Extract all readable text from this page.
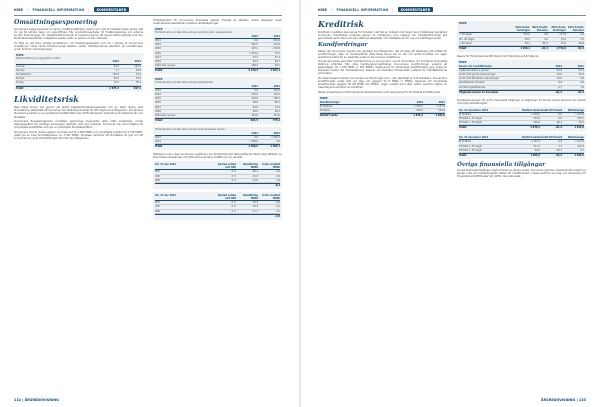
NIBE | FINANSIELL INFORMATION |	KOMMENTARER
Omsättningsexponering

Koncernens bolag genererar en del av omsättningsflödet i valutor som inte är bolagets lokala valuta. Det rör sig till största delen om exportflöden från produktionsenheter till försäljningsbolag och externa kunder. Exponeringen för valutakursförändringar är hanterad genom att kurser säkras löpande mot den förväntade kassaflödet i respektive valuta under en period om tolv månader.

Till följd av det stora antalet produktions- och försäljningsenheter runt om i världen är koncernens omsättning i lokal valuta fördelad enligt tabellen nedan. Valutakursernas påverkan på omsättningen under året har varit begränsad.

MSEK
Nettoomsättning per geografisk område
2022	2021
Sverige	91,2	126,4
Norden	1,7	25,8
Nordamerika	718,9	79,5
Europa	82,9	35,5
Övriga	23,1	35,2
Totalt	2 075,3	617,1
Likviditetsrisk

New Wave Group har genom ett aktivt kapitalrationaliseringsarbete och en aktiv dialog med finansiärerna säkerställt att koncernen har tillräcklig likviditet för att fullgöra sina åtaganden. Koncernens finansiering består av en syndikerad kreditfacilitet med ett flertal banker samt ett antal bilaterala lån och faciliteter.

Koncernens finansieringsavtal innehåller sedvanliga kovenanter vilka mäts kvartalsvis. Under räkenskapsåret har samtliga kovenanter uppfyllts med god marginal. Koncernen har även tillgång till outnyttjade kreditlöften som ger en ytterligare likviditetsbuffert.

Koncernens likvida medel uppgick vid årets slut till 1 083 MSEK och outnyttjade krediter till 2 758 MSEK, vilket ger en total likviditetsreserv om 3 841 MSEK. Styrelsen bedömer att likviditeten är god och att koncernen har goda förutsättningar att möta sina åtaganden.

Förfallostruktur för koncernens finansiella skulder framgår av tabellen nedan. Beloppen avser odiskonterade kassaflöden inklusive räntebetalningar.

MSEK
Förfallostruktur per New Wave Groups upplåning (exkl. leasingskulder)
2022	2021
2023	0,0	264,9
2024	342,5	237,6
2025	187,1	1 155,8
2026	1 379,4	79,7
2027	67,3	67,3
2028	60,5	60,7
2029 eller senare	108,2	46,7
Totalt	2 170,3	1 927,1
MSEK
Förfallostruktur per New Wave Groups leasingskulder
2022	2021
2023	0,0	135,4
2024	135,3	104,7
2025	114,8	106,7
2026	99,9	85,1
2027	84,0	79,2
2028	66,0	40,1
2029 eller senare	326,4	151,6
Totalt	824,5	775,1
Förfallostruktur per New Wave Groups övriga finansiella skulder
2022	2021
2023	0,0	1 284,7
2024	1 288,9	0,0
Totalt	1 288,9	1 284,7

Tabellerna ovan visar koncernens upplåning per förfallotidpunkt. Nedanstående tabell visar effekten av förändrade valutakurser mot SEK på koncernens omsättning och resultat.

Per 31 dec 2022	Ändrad valuta mot SEK
Omsättning MSEK
Årets resultat MSEK
EUR	-5 %	-82,1	-9,4
USD	-5 %	-33,5	-3,0
NOK	-5 %	-12,8	-1,8
-8,2
Per 31 dec 2021	Ändrad valuta mot SEK
Omsättning MSEK
Årets resultat MSEK
EUR	-5 %	-76,3	-8,0
USD	-5 %	-29,3	-2,1
NOK	-5 %	-11,7	-1,5
-3,6
132 | ÅRSREDOVISNING
NIBE | FINANSIELL INFORMATION |	KOMMENTARER
Kreditrisk

Kreditrisk innefattar exponering för förluster i det fall en motpart inte fullgör sina förpliktelser gentemot koncernen. Kreditrisken hanteras genom en kreditpolicy som reglerar hur kreditbedömningar ska genomföras samt vilka krav som ställs på säkerheter och kreditgränser för nya och befintliga kunder.

Kundfordringar

Risken att koncernens kunder inte uppfyller sina åtaganden, det vill säga att betalning inte erhålls för kundfordringar, utgör en kundkreditrisk. New Wave Group har en stor och spridd kundbas och ingen enskild kund står för en väsentlig andel av koncernens omsättning.

Koncernens bolag genomför kreditprövning av sina kunder, varvid information om kundernas finansiella ställning inhämtas från olika kreditupplysningsföretag. Koncernens kundfordringar uppgick på balansdagen till 1 876 MSEK (1 695 MSEK). Reservering för förväntade kreditförluster görs enligt en förenklad metod där förlustreserven baseras på historiska förlustnivåer justerat för framåtblickande information.

Per balansdagen bedöms koncernens kundfordringar som i allt väsentligt är fullt betalbara. Koncernens kreditförluster under året var låga och uppgick till 8 MSEK (7 MSEK). Reserven för förväntade kreditförluster uppgick till 68 MSEK (52 MSEK). Ingen enskild kund eller sektor bedöms utgöra en väsentlig koncentration av kreditrisk.

Nedan presenteras kundfordringarnas åldersstruktur samt reservering för förväntade kreditförluster.

MSEK
Kundfordringar	2022	2021
Ej förfallna	1 238,1	1 127,4
Förfallna	638,1	567,6
Bokfört värde	1 876,2	1 695,0
MSEK
2022 Kund-fordringar
2022 Kredit-förluster
2021 Kund-fordringar
2021 Kredit-förluster
< 30 dagar	531,5	-0,8	517,6	-1,3
30 - 90 dagar	48,5	-3,0	34,4	-2,5
> 90 dagar	58,1	-56,7	15,6	-48,6
Totalt	1 938,1	-61,4	1 752,6	-52,4

Reserv för förväntade kreditförluster har förändrats enligt följande:

MSEK
Reserv för kreditförluster	2022	2021
Ingående balans 1 januari	-52,4	-51,1
Under året gjorda reserveringar	-24,0	-18,3
Under året återförda reserveringar	10,9	8,6
Konstaterade förluster	8,8	6,8
Omräkningsdifferenser	-4,7	1,6
Utgående balans 31 december	-61,4	-52,4

Kreditexponeringen för andra finansiella tillgångar är begränsad då likvida medel placeras hos banker med hög kreditvärdighet.

Per 31 december 2022	Bokfört värde Avsatt till förlust	Nettobelopp
Ej förfallet	1 238,1	-0,5	1 237,6
Förfallet 1–30 dagar	531,5	-0,8	530,7
Förfallet > 30 dagar	106,6	-60,1	46,5
Totalt	1 876,2	-61,4	1 814,8
Per 31 december 2021	Bokfört värde Avsatt till förlust	Nettobelopp
Ej förfallet	1 127,4	-0,4	1 127,0
Förfallet 1–30 dagar	517,6	-1,3	516,3
Förfallet > 30 dagar	50,0	-50,7	-0,7
Totalt	1 695,0	-52,4	1 642,6
Övriga finansiella tillgångar

Övriga finansiella tillgångar utgörs främst av likvida medel. Koncernen placerar endast likvida medel hos banker med god kreditvärdighet. Risken för kreditförluster i dessa bedöms som låg och reservering för förväntade kreditförluster har därför inte redovisats.

ÅRSREDOVISNING | 133
